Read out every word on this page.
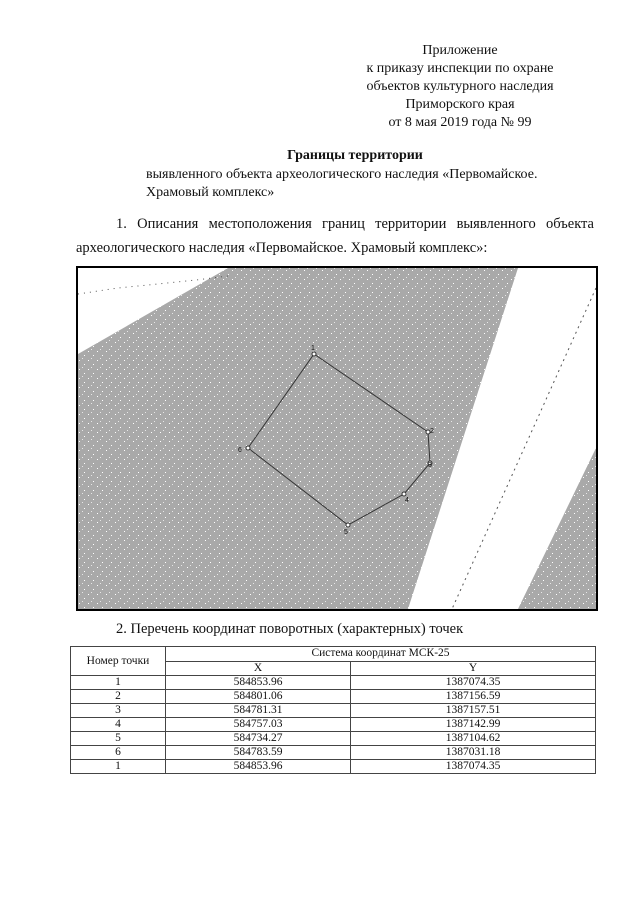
Приложение
к приказу инспекции по охране
объектов культурного наследия
Приморского края
от 8 мая 2019 года № 99
Границы территории
выявленного объекта археологического наследия «Первомайское. Храмовый комплекс»
1. Описания местоположения границ территории выявленного объекта археологического наследия «Первомайское. Храмовый комплекс»:
1
2
3
4
5
6
2. Перечень координат поворотных (характерных) точек
Номер точки	Система координат МСК-25	
	X	Y
1	584853.96	1387074.35
2	584801.06	1387156.59
3	584781.31	1387157.51
4	584757.03	1387142.99
5	584734.27	1387104.62
6	584783.59	1387031.18
1	584853.96	1387074.35
